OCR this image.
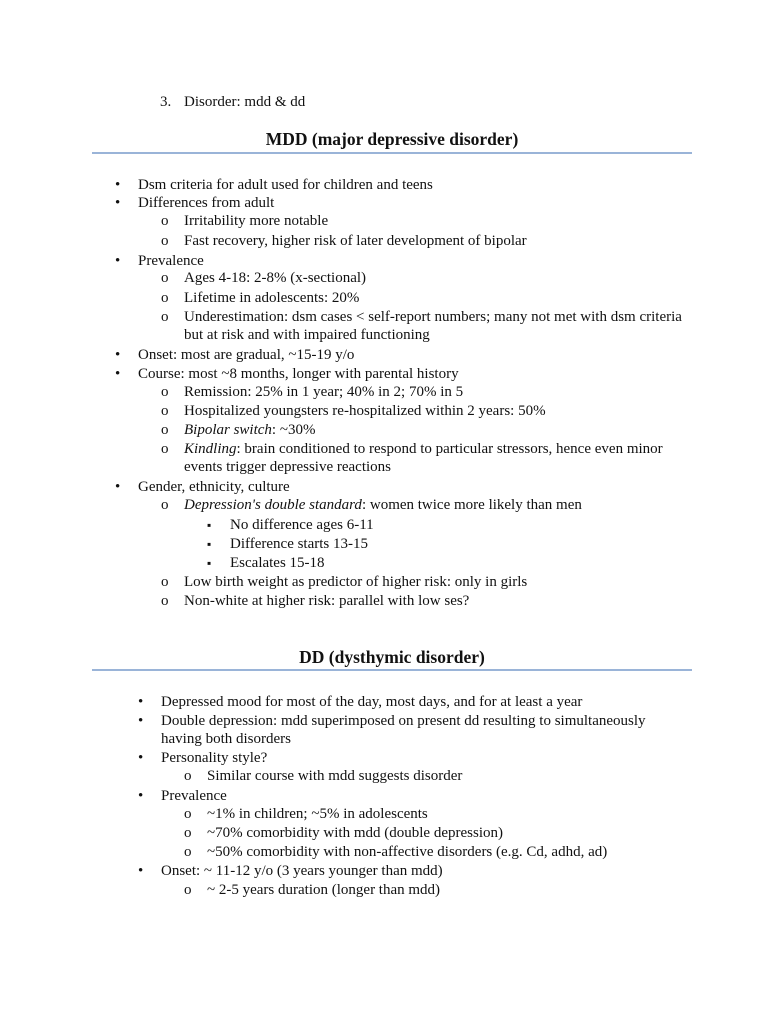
3. Disorder: mdd & dd
MDD (major depressive disorder)
• Dsm criteria for adult used for children and teens
• Differences from adult
o Irritability more notable
o Fast recovery, higher risk of later development of bipolar
• Prevalence
o Ages 4-18: 2-8% (x-sectional)
o Lifetime in adolescents: 20%
o Underestimation: dsm cases < self-report numbers; many not met with dsm criteria but at risk and with impaired functioning
• Onset: most are gradual, ~15-19 y/o
• Course: most ~8 months, longer with parental history
o Remission: 25% in 1 year; 40% in 2; 70% in 5
o Hospitalized youngsters re-hospitalized within 2 years: 50%
o Bipolar switch: ~30%
o Kindling: brain conditioned to respond to particular stressors, hence even minor events trigger depressive reactions
• Gender, ethnicity, culture
o Depression's double standard: women twice more likely than men
▪ No difference ages 6-11
▪ Difference starts 13-15
▪ Escalates 15-18
o Low birth weight as predictor of higher risk: only in girls
o Non-white at higher risk: parallel with low ses?
DD (dysthymic disorder)
• Depressed mood for most of the day, most days, and for at least a year
• Double depression: mdd superimposed on present dd resulting to simultaneously having both disorders
• Personality style?
o Similar course with mdd suggests disorder
• Prevalence
o ~1% in children; ~5% in adolescents
o ~70% comorbidity with mdd (double depression)
o ~50% comorbidity with non-affective disorders (e.g. Cd, adhd, ad)
• Onset: ~ 11-12 y/o (3 years younger than mdd)
o ~ 2-5 years duration (longer than mdd)
